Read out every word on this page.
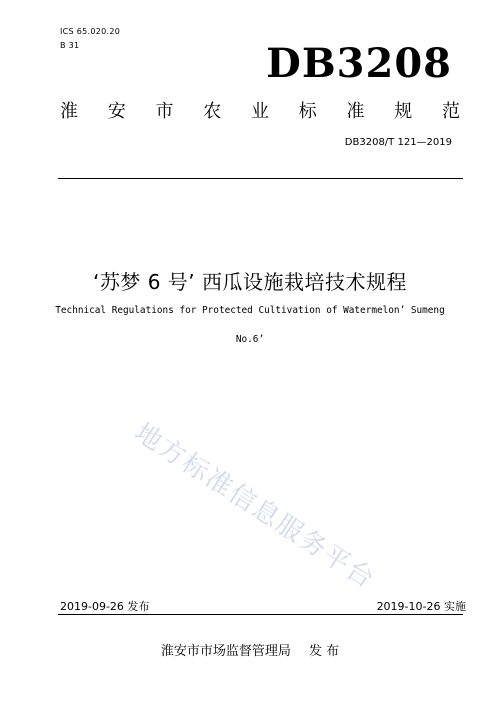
ICS 65.020.20
B 31	DB3208
淮 安 市 农 业 标 准 规 范
DB3208/T 121—2019
‘苏梦 6 号’ 西瓜设施栽培技术规程
Technical Regulations for Protected Cultivation of Watermelon’ Sumeng
No.6’
地方标准信息服务平台
2019-09-26 发布	2019-10-26 实施
淮安市市场监督管理局 发 布
